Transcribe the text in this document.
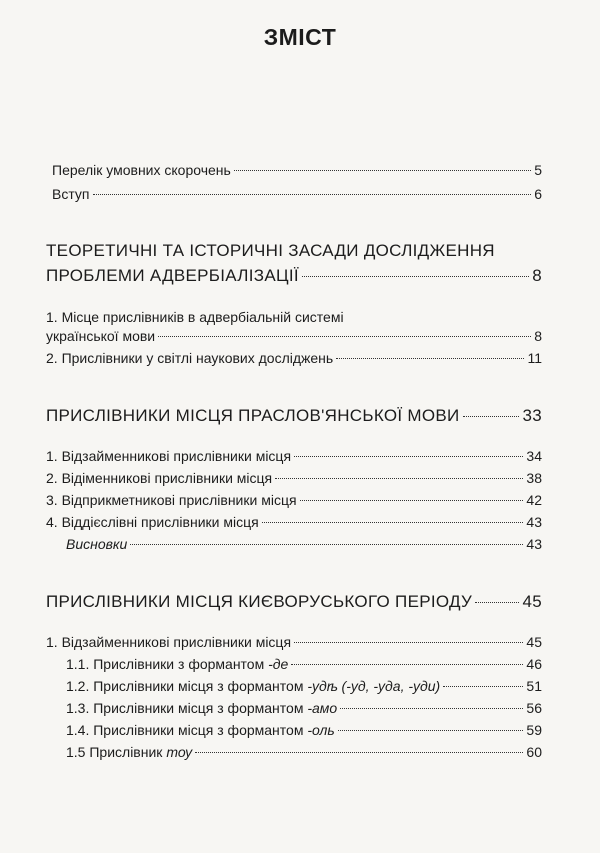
ЗМІСТ
Перелік умовних скорочень	5
Вступ	6
ТЕОРЕТИЧНІ ТА ІСТОРИЧНІ ЗАСАДИ ДОСЛІДЖЕННЯ
ПРОБЛЕМИ АДВЕРБІАЛІЗАЦІЇ	8
1. Місце прислівників в адвербіальній системі
української мови	8
2. Прислівники у світлі наукових досліджень	11
ПРИСЛІВНИКИ МІСЦЯ ПРАСЛОВ'ЯНСЬКОЇ МОВИ	33
1. Відзайменникові прислівники місця	34
2. Відіменникові прислівники місця	38
3. Відприкметникові прислівники місця	42
4. Віддієслівні прислівники місця	43
Висновки	43
ПРИСЛІВНИКИ МІСЦЯ КИЄВОРУСЬКОГО ПЕРІОДУ	45
1. Відзайменникові прислівники місця	45
1.1. Прислівники з формантом -де	46
1.2. Прислівники місця з формантом -удѣ (-уд, -уда, -уди)	51
1.3. Прислівники місця з формантом -амо	56
1.4. Прислівники місця з формантом -оль	59
1.5 Прислівник тоу	60
